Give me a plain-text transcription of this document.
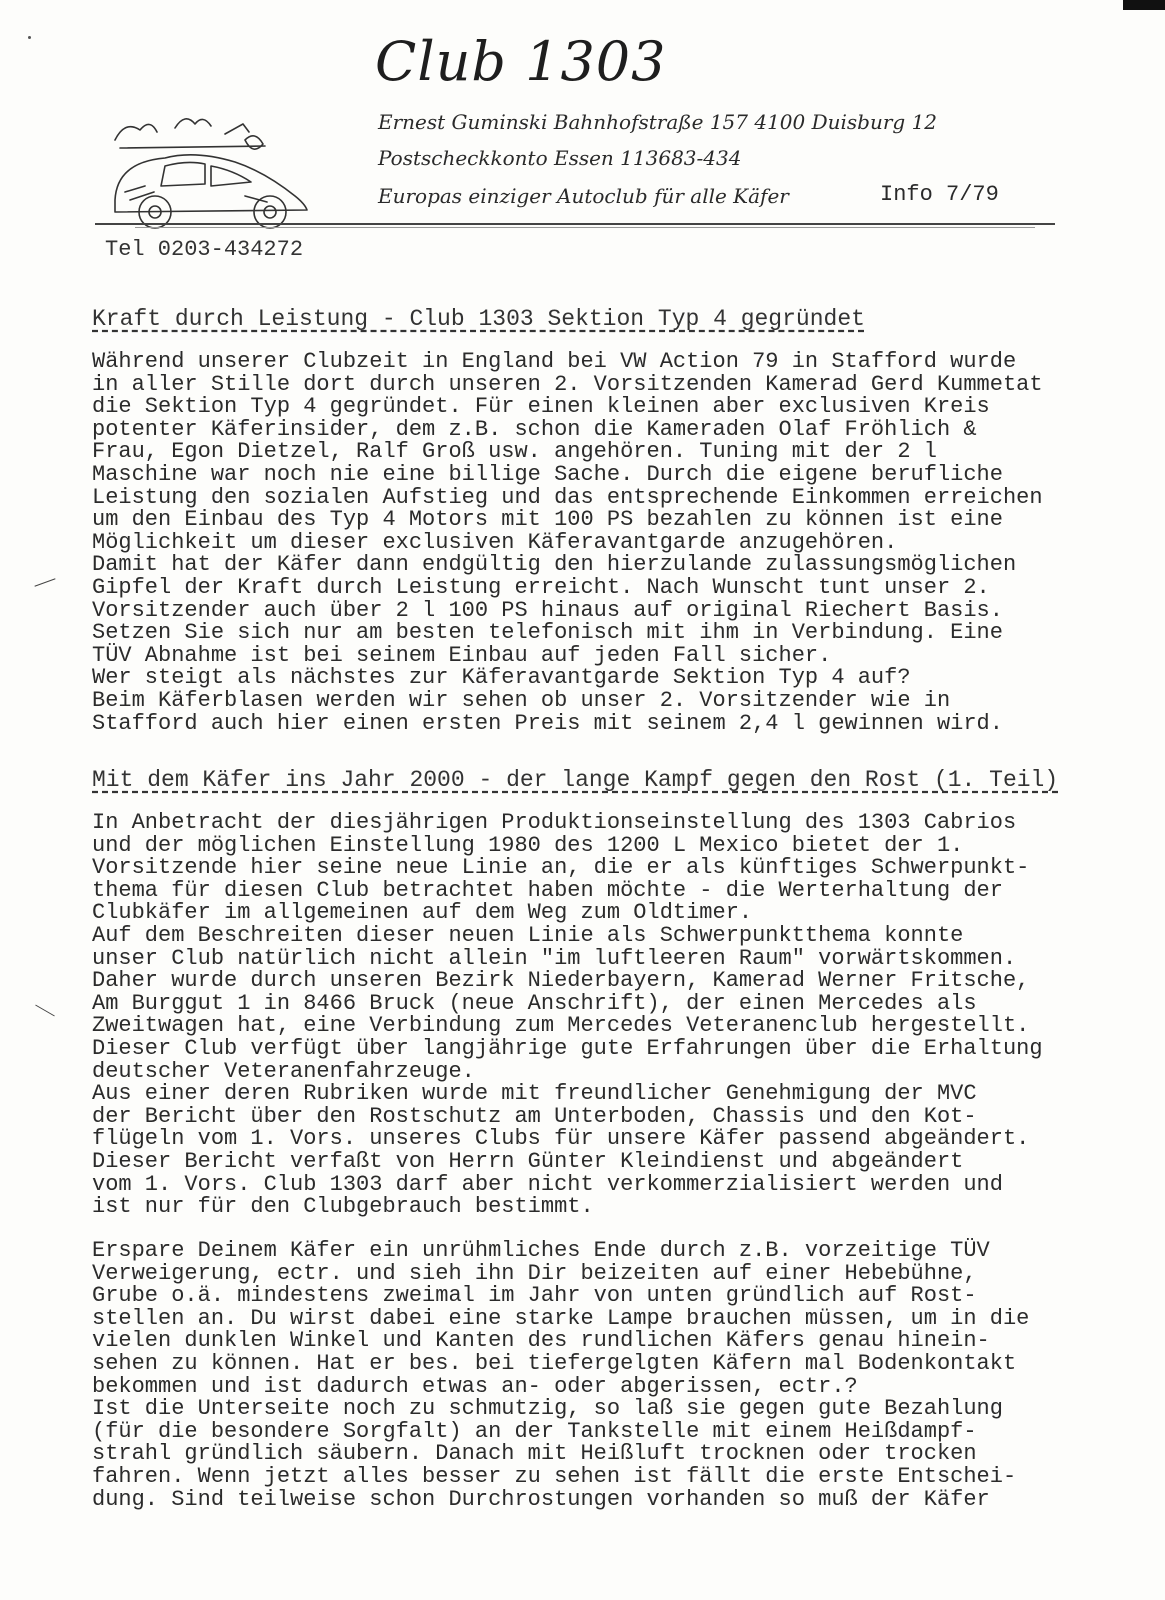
Club 1303
Ernest Guminski Bahnhofstraße 157 4100 Duisburg 12
Postscheckkonto Essen 113683-434
Europas einziger Autoclub für alle Käfer	Info 7/79
Tel 0203-434272
Kraft durch Leistung - Club 1303 Sektion Typ 4 gegründet
Während unserer Clubzeit in England bei VW Action 79 in Stafford wurde
in aller Stille dort durch unseren 2. Vorsitzenden Kamerad Gerd Kummetat
die Sektion Typ 4 gegründet. Für einen kleinen aber exclusiven Kreis
potenter Käferinsider, dem z.B. schon die Kameraden Olaf Fröhlich &
Frau, Egon Dietzel, Ralf Groß usw. angehören. Tuning mit der 2 l
Maschine war noch nie eine billige Sache. Durch die eigene berufliche
Leistung den sozialen Aufstieg und das entsprechende Einkommen erreichen
um den Einbau des Typ 4 Motors mit 100 PS bezahlen zu können ist eine
Möglichkeit um dieser exclusiven Käferavantgarde anzugehören.
Damit hat der Käfer dann endgültig den hierzulande zulassungsmöglichen
Gipfel der Kraft durch Leistung erreicht. Nach Wunscht tunt unser 2.
Vorsitzender auch über 2 l 100 PS hinaus auf original Riechert Basis.
Setzen Sie sich nur am besten telefonisch mit ihm in Verbindung. Eine
TÜV Abnahme ist bei seinem Einbau auf jeden Fall sicher.
Wer steigt als nächstes zur Käferavantgarde Sektion Typ 4 auf?
Beim Käferblasen werden wir sehen ob unser 2. Vorsitzender wie in
Stafford auch hier einen ersten Preis mit seinem 2,4 l gewinnen wird.
Mit dem Käfer ins Jahr 2000 - der lange Kampf gegen den Rost (1. Teil)
In Anbetracht der diesjährigen Produktionseinstellung des 1303 Cabrios
und der möglichen Einstellung 1980 des 1200 L Mexico bietet der 1.
Vorsitzende hier seine neue Linie an, die er als künftiges Schwerpunkt-
thema für diesen Club betrachtet haben möchte - die Werterhaltung der
Clubkäfer im allgemeinen auf dem Weg zum Oldtimer.
Auf dem Beschreiten dieser neuen Linie als Schwerpunktthema konnte
unser Club natürlich nicht allein "im luftleeren Raum" vorwärtskommen.
Daher wurde durch unseren Bezirk Niederbayern, Kamerad Werner Fritsche,
Am Burggut 1 in 8466 Bruck (neue Anschrift), der einen Mercedes als
Zweitwagen hat, eine Verbindung zum Mercedes Veteranenclub hergestellt.
Dieser Club verfügt über langjährige gute Erfahrungen über die Erhaltung
deutscher Veteranenfahrzeuge.
Aus einer deren Rubriken wurde mit freundlicher Genehmigung der MVC
der Bericht über den Rostschutz am Unterboden, Chassis und den Kot-
flügeln vom 1. Vors. unseres Clubs für unsere Käfer passend abgeändert.
Dieser Bericht verfaßt von Herrn Günter Kleindienst und abgeändert
vom 1. Vors. Club 1303 darf aber nicht verkommerzialisiert werden und
ist nur für den Clubgebrauch bestimmt.
Erspare Deinem Käfer ein unrühmliches Ende durch z.B. vorzeitige TÜV
Verweigerung, ectr. und sieh ihn Dir beizeiten auf einer Hebebühne,
Grube o.ä. mindestens zweimal im Jahr von unten gründlich auf Rost-
stellen an. Du wirst dabei eine starke Lampe brauchen müssen, um in die
vielen dunklen Winkel und Kanten des rundlichen Käfers genau hinein-
sehen zu können. Hat er bes. bei tiefergelgten Käfern mal Bodenkontakt
bekommen und ist dadurch etwas an- oder abgerissen, ectr.?
Ist die Unterseite noch zu schmutzig, so laß sie gegen gute Bezahlung
(für die besondere Sorgfalt) an der Tankstelle mit einem Heißdampf-
strahl gründlich säubern. Danach mit Heißluft trocknen oder trocken
fahren. Wenn jetzt alles besser zu sehen ist fällt die erste Entschei-
dung. Sind teilweise schon Durchrostungen vorhanden so muß der Käfer
